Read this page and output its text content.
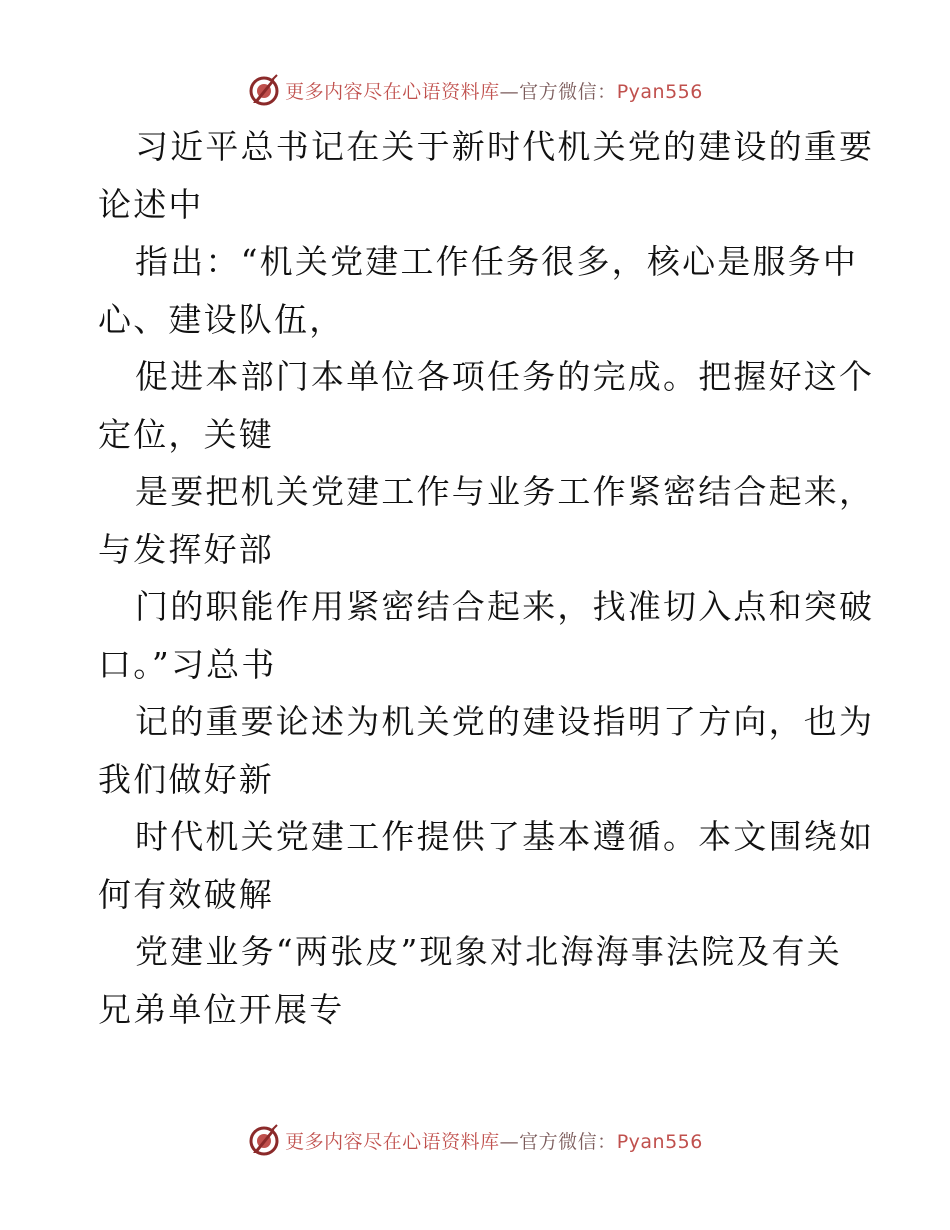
更多内容尽在心语资料库—官方微信：Pyan556
习近平总书记在关于新时代机关党的建设的重要
论述中
指出：“机关党建工作任务很多，核心是服务中
心、建设队伍，
促进本部门本单位各项任务的完成。把握好这个
定位，关键
是要把机关党建工作与业务工作紧密结合起来，
与发挥好部
门的职能作用紧密结合起来，找准切入点和突破
口。”习总书
记的重要论述为机关党的建设指明了方向，也为
我们做好新
时代机关党建工作提供了基本遵循。本文围绕如
何有效破解
党建业务“两张皮”现象对北海海事法院及有关
兄弟单位开展专
更多内容尽在心语资料库—官方微信：Pyan556
